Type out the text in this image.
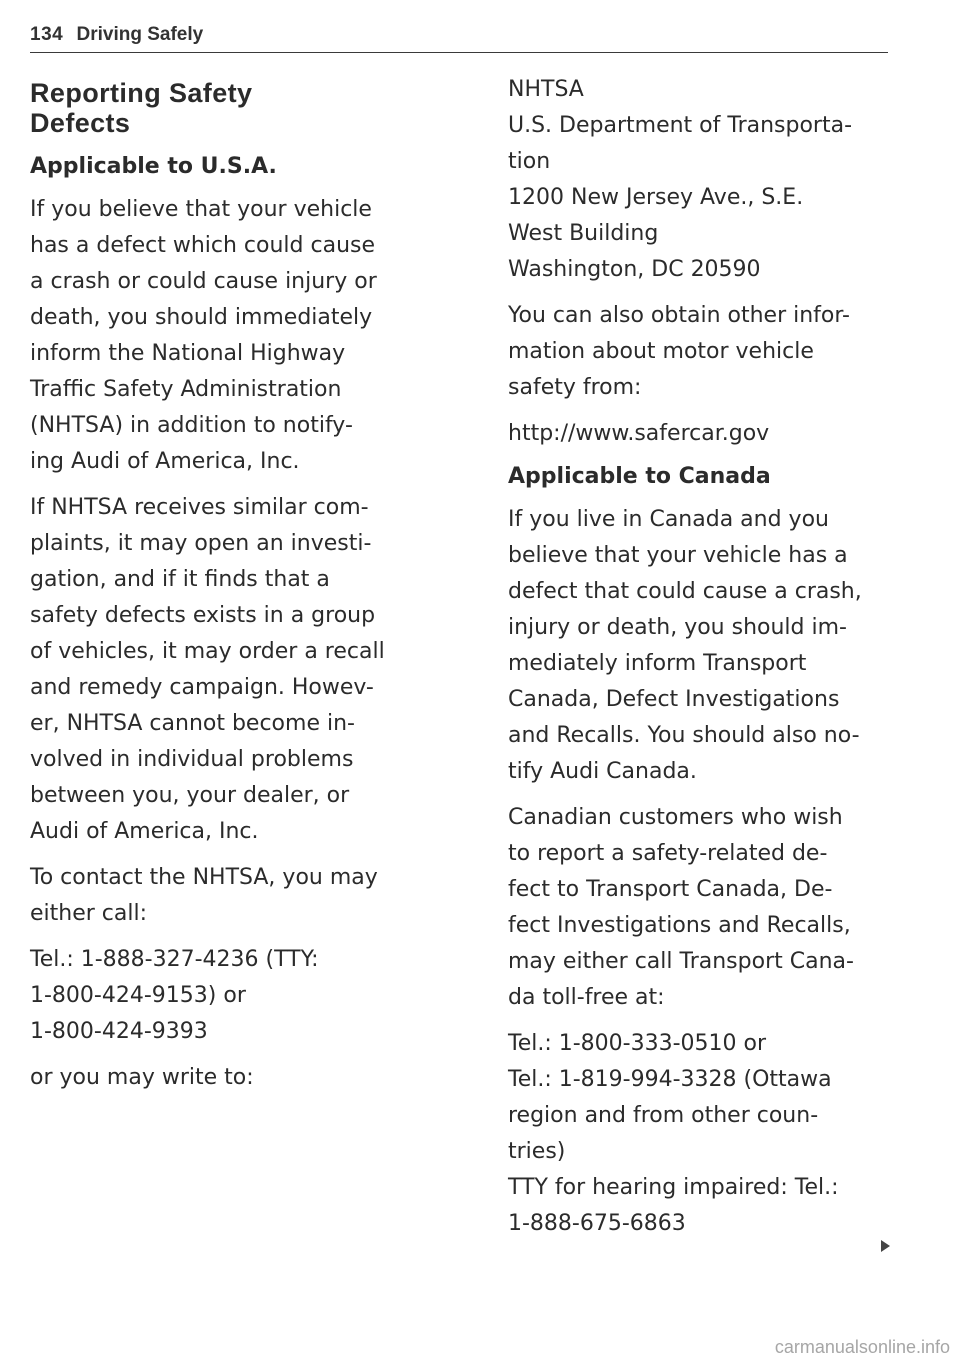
134 Driving Safely
Reporting Safety
Defects
Applicable to U.S.A.
If you believe that your vehicle
has a defect which could cause
a crash or could cause injury or
death, you should immediately
inform the National Highway
Traffic Safety Administration
(NHTSA) in addition to notify-
ing Audi of America, Inc.
If NHTSA receives similar com-
plaints, it may open an investi-
gation, and if it finds that a
safety defects exists in a group
of vehicles, it may order a recall
and remedy campaign. Howev-
er, NHTSA cannot become in-
volved in individual problems
between you, your dealer, or
Audi of America, Inc.
To contact the NHTSA, you may
either call:
Tel.: 1-888-327-4236 (TTY:
1-800-424-9153) or
1-800-424-9393
or you may write to:
NHTSA
U.S. Department of Transporta-
tion
1200 New Jersey Ave., S.E.
West Building
Washington, DC 20590
You can also obtain other infor-
mation about motor vehicle
safety from:
http://www.safercar.gov
Applicable to Canada
If you live in Canada and you
believe that your vehicle has a
defect that could cause a crash,
injury or death, you should im-
mediately inform Transport
Canada, Defect Investigations
and Recalls. You should also no-
tify Audi Canada.
Canadian customers who wish
to report a safety-related de-
fect to Transport Canada, De-
fect Investigations and Recalls,
may either call Transport Cana-
da toll-free at:
Tel.: 1-800-333-0510 or
Tel.: 1-819-994-3328 (Ottawa
region and from other coun-
tries)
TTY for hearing impaired: Tel.:
1-888-675-6863
carmanualsonline.info
